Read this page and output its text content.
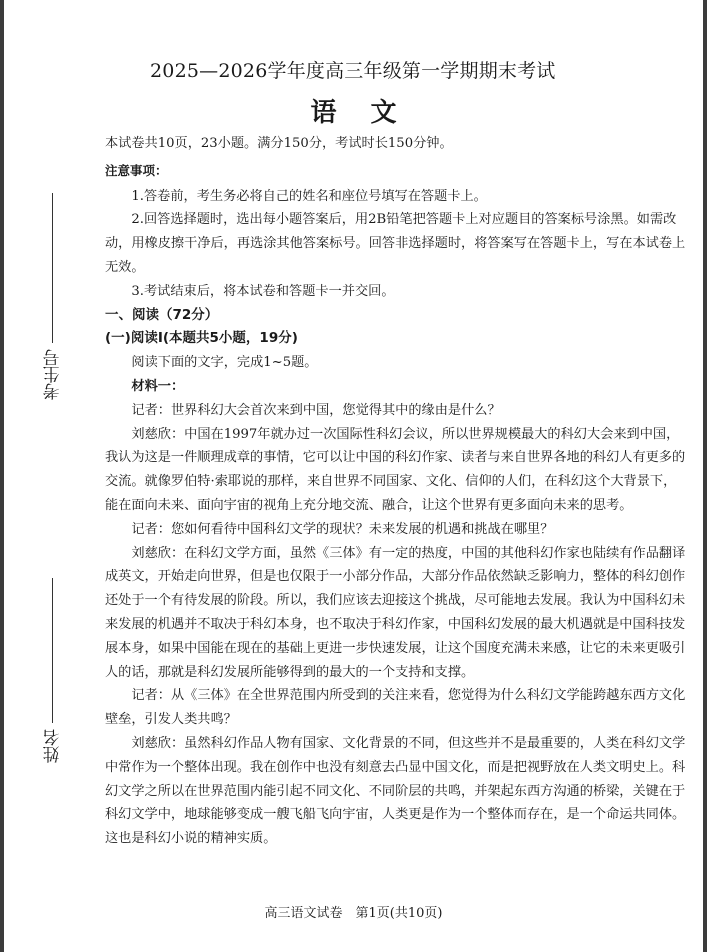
2025—2026学年度高三年级第一学期期末考试
语文
考生号
姓名

本试卷共10页，23小题。满分150分，考试时长150分钟。

注意事项：

1.答卷前，考生务必将自己的姓名和座位号填写在答题卡上。

2.回答选择题时，选出每小题答案后，用2B铅笔把答题卡上对应题目的答案标号涂黑。如需改动，用橡皮擦干净后，再选涂其他答案标号。回答非选择题时，将答案写在答题卡上，写在本试卷上无效。

3.考试结束后，将本试卷和答题卡一并交回。

一、阅读（72分）

(一)阅读Ⅰ(本题共5小题，19分)

阅读下面的文字，完成1~5题。

材料一：

记者：世界科幻大会首次来到中国，您觉得其中的缘由是什么？

刘慈欣：中国在1997年就办过一次国际性科幻会议，所以世界规模最大的科幻大会来到中国，我认为这是一件顺理成章的事情，它可以让中国的科幻作家、读者与来自世界各地的科幻人有更多的交流。就像罗伯特·索耶说的那样，来自世界不同国家、文化、信仰的人们，在科幻这个大背景下，能在面向未来、面向宇宙的视角上充分地交流、融合，让这个世界有更多面向未来的思考。

记者：您如何看待中国科幻文学的现状？未来发展的机遇和挑战在哪里？

刘慈欣：在科幻文学方面，虽然《三体》有一定的热度，中国的其他科幻作家也陆续有作品翻译成英文，开始走向世界，但是也仅限于一小部分作品，大部分作品依然缺乏影响力，整体的科幻创作还处于一个有待发展的阶段。所以，我们应该去迎接这个挑战，尽可能地去发展。我认为中国科幻未来发展的机遇并不取决于科幻本身，也不取决于科幻作家，中国科幻发展的最大机遇就是中国科技发展本身，如果中国能在现在的基础上更进一步快速发展，让这个国度充满未来感，让它的未来更吸引人的话，那就是科幻发展所能够得到的最大的一个支持和支撑。

记者：从《三体》在全世界范围内所受到的关注来看，您觉得为什么科幻文学能跨越东西方文化壁垒，引发人类共鸣？

刘慈欣：虽然科幻作品人物有国家、文化背景的不同，但这些并不是最重要的，人类在科幻文学中常作为一个整体出现。我在创作中也没有刻意去凸显中国文化，而是把视野放在人类文明史上。科幻文学之所以在世界范围内能引起不同文化、不同阶层的共鸣，并架起东西方沟通的桥梁，关键在于科幻文学中，地球能够变成一艘飞船飞向宇宙，人类更是作为一个整体而存在，是一个命运共同体。这也是科幻小说的精神实质。

高三语文试卷　第1页(共10页)
